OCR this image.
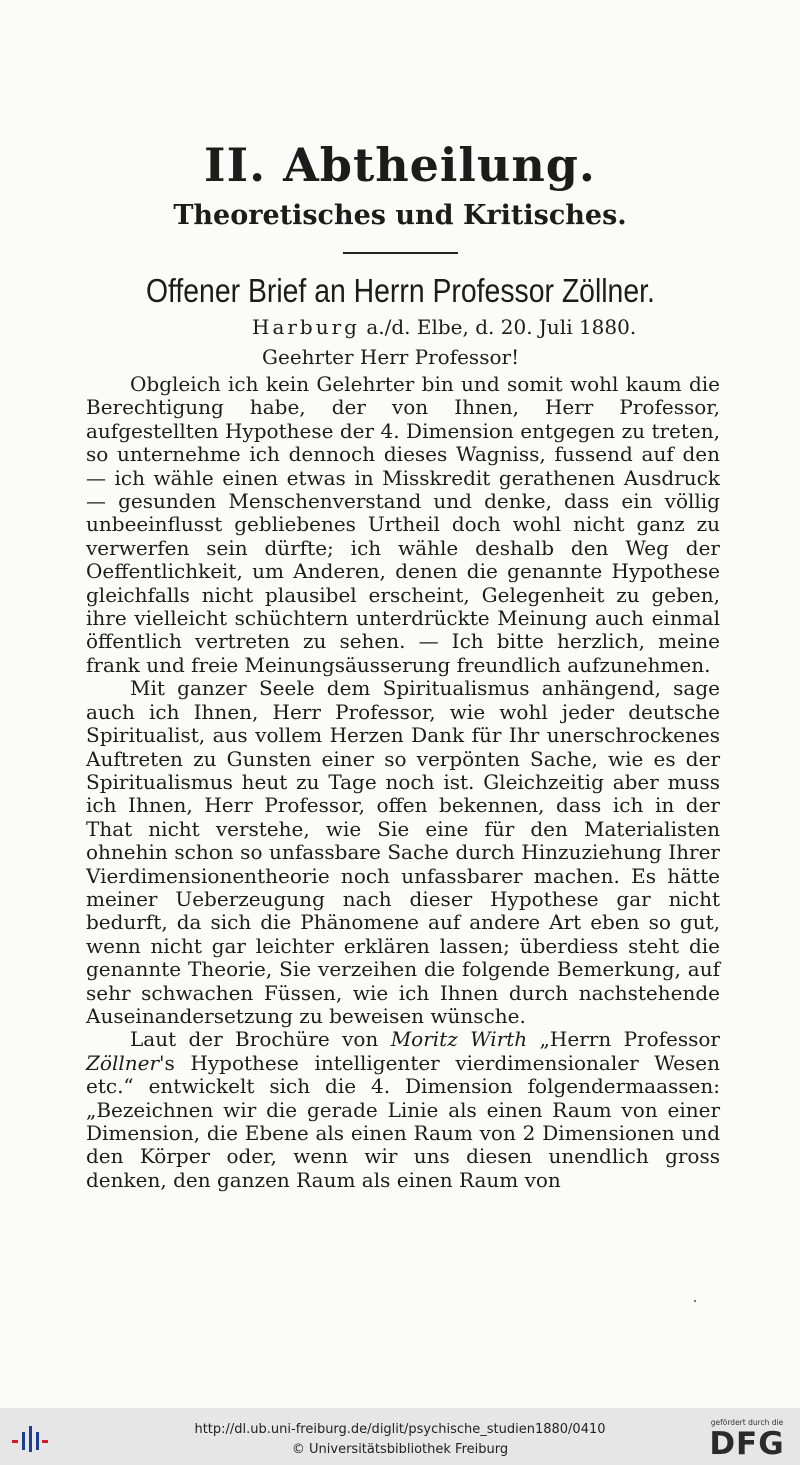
II. Abtheilung.
Theoretisches und Kritisches.
Offener Brief an Herrn Professor Zöllner.
Harburg a./d. Elbe, d. 20. Juli 1880.
Geehrter Herr Professor!

Obgleich ich kein Gelehrter bin und somit wohl kaum die Berechtigung habe, der von Ihnen, Herr Professor, aufgestellten Hypothese der 4. Dimension entgegen zu treten, so unternehme ich dennoch dieses Wagniss, fussend auf den — ich wähle einen etwas in Misskredit gerathenen Ausdruck — gesunden Menschenverstand und denke, dass ein völlig unbeeinflusst gebliebenes Urtheil doch wohl nicht ganz zu verwerfen sein dürfte; ich wähle deshalb den Weg der Oeffentlichkeit, um Anderen, denen die genannte Hypothese gleichfalls nicht plausibel erscheint, Gelegenheit zu geben, ihre vielleicht schüchtern unterdrückte Meinung auch einmal öffentlich vertreten zu sehen. — Ich bitte herzlich, meine frank und freie Meinungsäusserung freundlich aufzunehmen.

Mit ganzer Seele dem Spiritualismus anhängend, sage auch ich Ihnen, Herr Professor, wie wohl jeder deutsche Spiritualist, aus vollem Herzen Dank für Ihr unerschrockenes Auftreten zu Gunsten einer so verpönten Sache, wie es der Spiritualismus heut zu Tage noch ist. Gleichzeitig aber muss ich Ihnen, Herr Professor, offen bekennen, dass ich in der That nicht verstehe, wie Sie eine für den Materialisten ohnehin schon so unfassbare Sache durch Hinzuziehung Ihrer Vierdimensionentheorie noch unfassbarer machen. Es hätte meiner Ueberzeugung nach dieser Hypothese gar nicht bedurft, da sich die Phänomene auf andere Art eben so gut, wenn nicht gar leichter erklären lassen; überdiess steht die genannte Theorie, Sie verzeihen die folgende Bemerkung, auf sehr schwachen Füssen, wie ich Ihnen durch nachstehende Auseinandersetzung zu beweisen wünsche.

Laut der Brochüre von Moritz Wirth „Herrn Professor Zöllner's Hypothese intelligenter vierdimensionaler Wesen etc.“ entwickelt sich die 4. Dimension folgendermaassen: „Bezeichnen wir die gerade Linie als einen Raum von einer Dimension, die Ebene als einen Raum von 2 Dimensionen und den Körper oder, wenn wir uns diesen unendlich gross denken, den ganzen Raum als einen Raum von

http://dl.ub.uni-freiburg.de/diglit/psychische_studien1880/0410
© Universitätsbibliothek Freiburg
gefördert durch die
DFG
